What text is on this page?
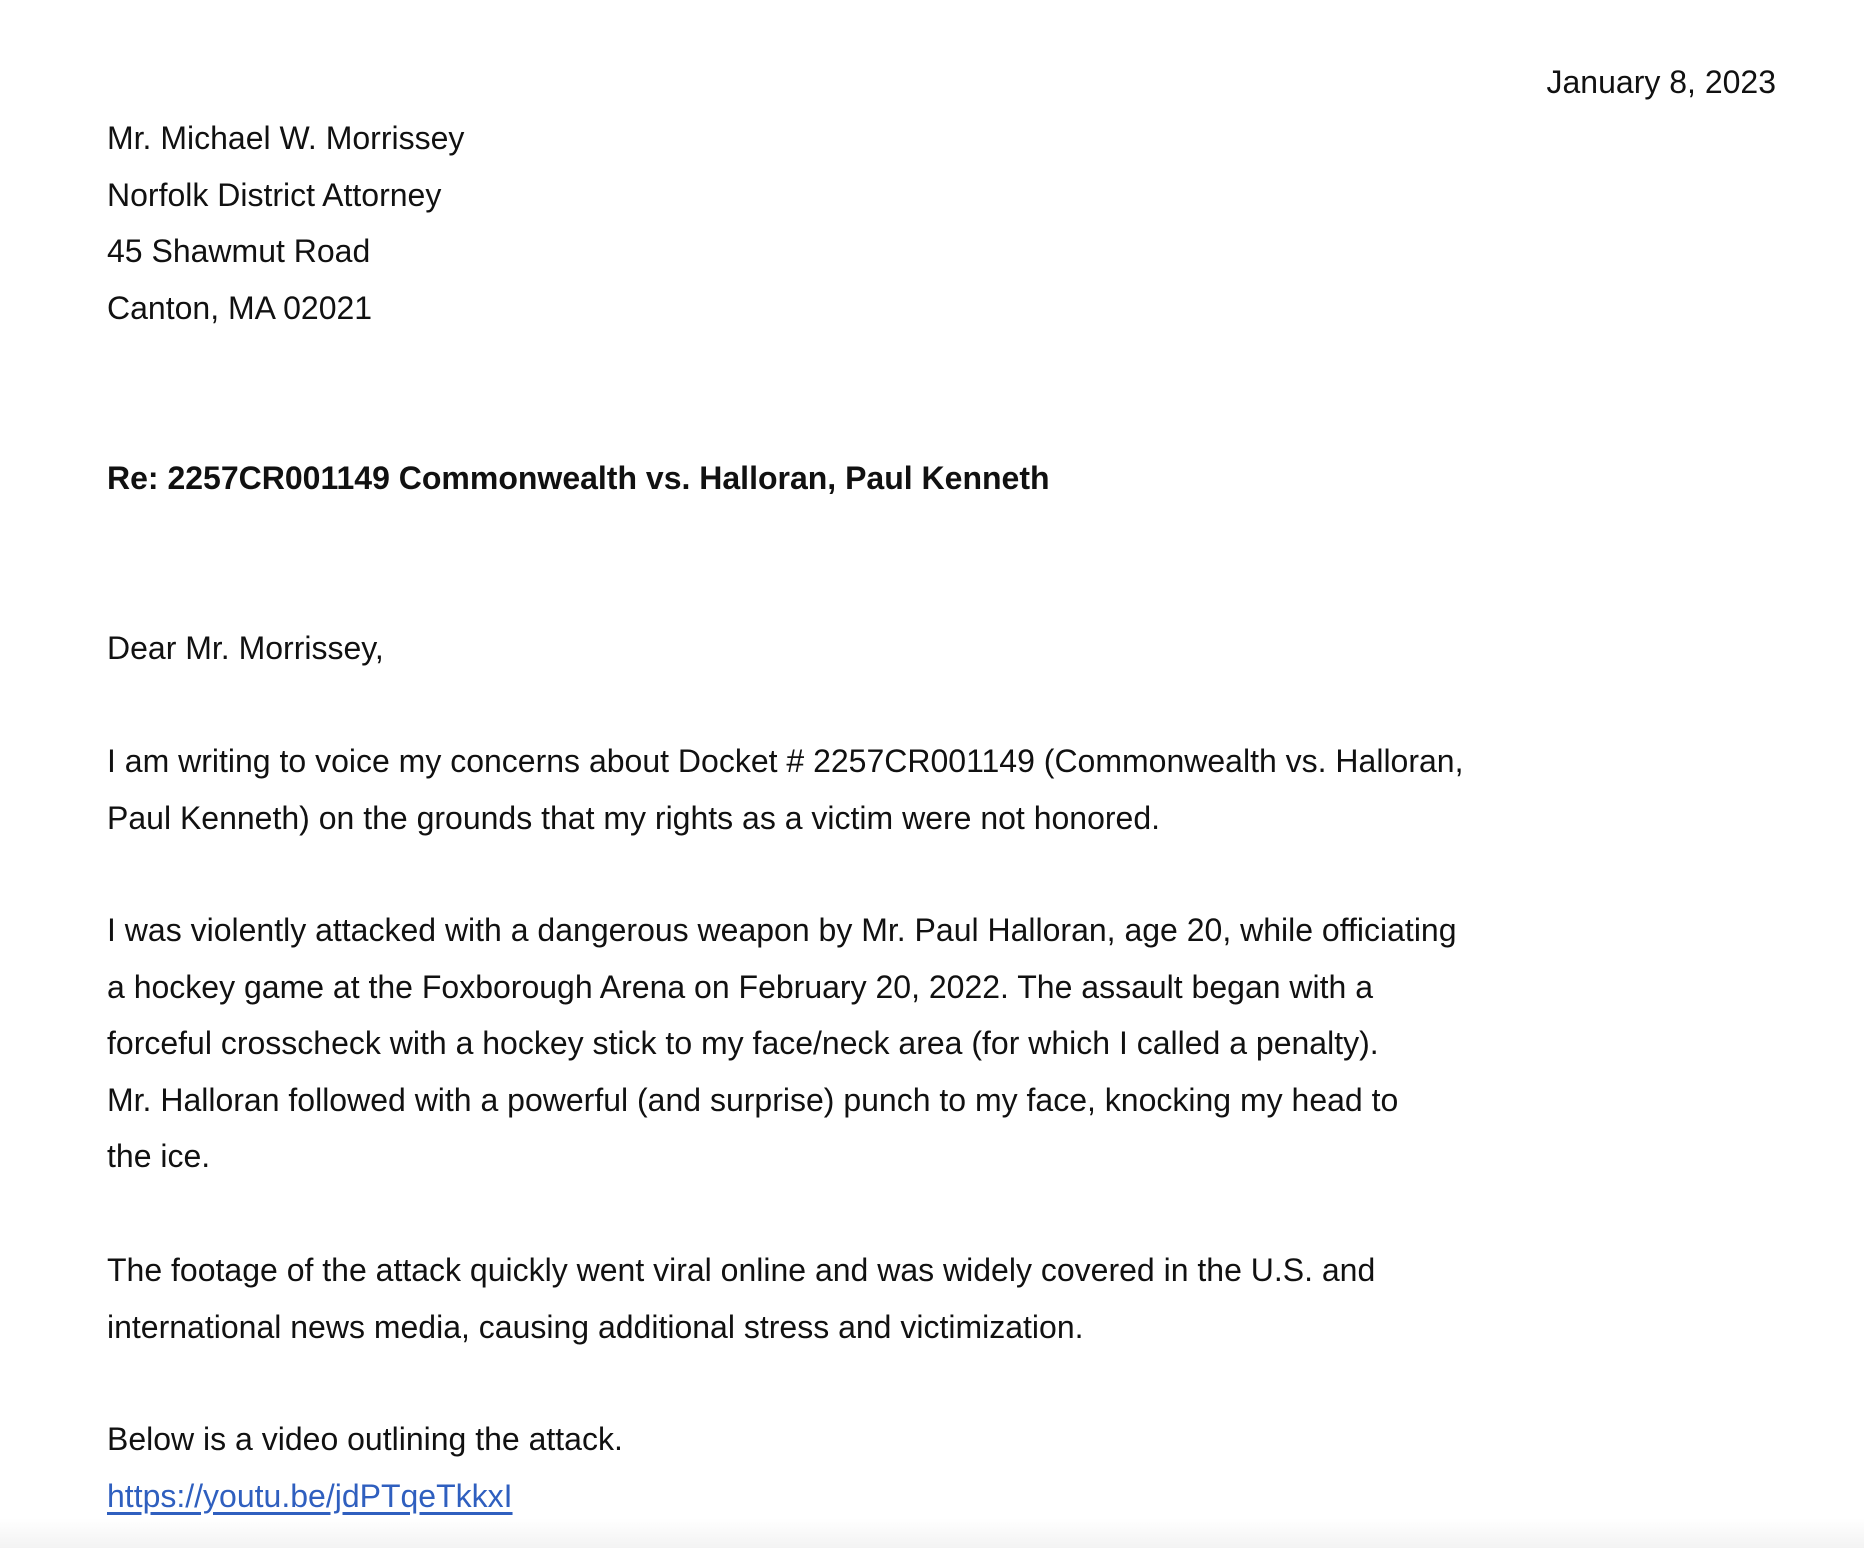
January 8, 2023
Mr. Michael W. Morrissey
Norfolk District Attorney
45 Shawmut Road
Canton, MA 02021
Re: 2257CR001149 Commonwealth vs. Halloran, Paul Kenneth
Dear Mr. Morrissey,
I am writing to voice my concerns about Docket # 2257CR001149 (Commonwealth vs. Halloran,
Paul Kenneth) on the grounds that my rights as a victim were not honored.
I was violently attacked with a dangerous weapon by Mr. Paul Halloran, age 20, while officiating
a hockey game at the Foxborough Arena on February 20, 2022. The assault began with a
forceful crosscheck with a hockey stick to my face/neck area (for which I called a penalty).
Mr. Halloran followed with a powerful (and surprise) punch to my face, knocking my head to
the ice.
The footage of the attack quickly went viral online and was widely covered in the U.S. and
international news media, causing additional stress and victimization.
Below is a video outlining the attack.
https://youtu.be/jdPTqeTkkxI
